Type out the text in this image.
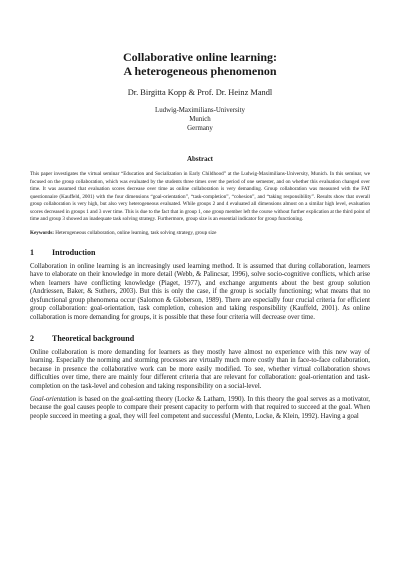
Collaborative online learning:
A heterogeneous phenomenon

Dr. Birgitta Kopp & Prof. Dr. Heinz Mandl
Ludwig-Maximilians-University
Munich
Germany
Abstract
This paper investigates the virtual seminar “Education and Socialization in Early Childhood” at the Ludwig-Maximilians-University, Munich. In this seminar, we focused on the group collaboration, which was evaluated by the students three times over the period of one semester, and on whether this evaluation changed over time. It was assumed that evaluation scores decrease over time as online collaboration is very demanding. Group collaboration was measured with the FAT questionnaire (Kauffeld, 2001) with the four dimensions “goal-orientation”, “task-completion”, “cohesion”, and “taking responsibility”. Results show that overall group collaboration is very high, but also very heterogeneous evaluated. While groups 2 and 4 evaluated all dimensions almost on a similar high level, evaluation scores decreased in groups 1 and 3 over time. This is due to the fact that in group 1, one group member left the course without further explication at the third point of time and group 3 showed an inadequate task solving strategy. Furthermore, group size is an essential indicator for group functioning.
Keywords: Heterogeneous collaboration, online learning, task solving strategy, group size
1	Introduction

Collaboration in online learning is an increasingly used learning method. It is assumed that during collaboration, learners have to elaborate on their knowledge in more detail (Webb, & Palincsar, 1996), solve socio-cognitive conflicts, which arise when learners have conflicting knowledge (Piaget, 1977), and exchange arguments about the best group solution (Andriessen, Baker, & Suthers, 2003). But this is only the case, if the group is socially functioning; what means that no dysfunctional group phenomena occur (Salomon & Globerson, 1989). There are especially four crucial criteria for efficient group collaboration: goal-orientation, task completion, cohesion and taking responsibility (Kauffeld, 2001). As online collaboration is more demanding for groups, it is possible that these four criteria will decrease over time.

2	Theoretical background

Online collaboration is more demanding for learners as they mostly have almost no experience with this new way of learning. Especially the norming and storming processes are virtually much more costly than in face-to-face collaboration, because in presence the collaborative work can be more easily modified. To see, whether virtual collaboration shows difficulties over time, there are mainly four different criteria that are relevant for collaboration: goal-orientation and task-completion on the task-level and cohesion and taking responsibility on a social-level.

Goal-orientation is based on the goal-setting theory (Locke & Latham, 1990). In this theory the goal serves as a motivator, because the goal causes people to compare their present capacity to perform with that required to succeed at the goal. When people succeed in meeting a goal, they will feel competent and successful (Mento, Locke, & Klein, 1992). Having a goal
